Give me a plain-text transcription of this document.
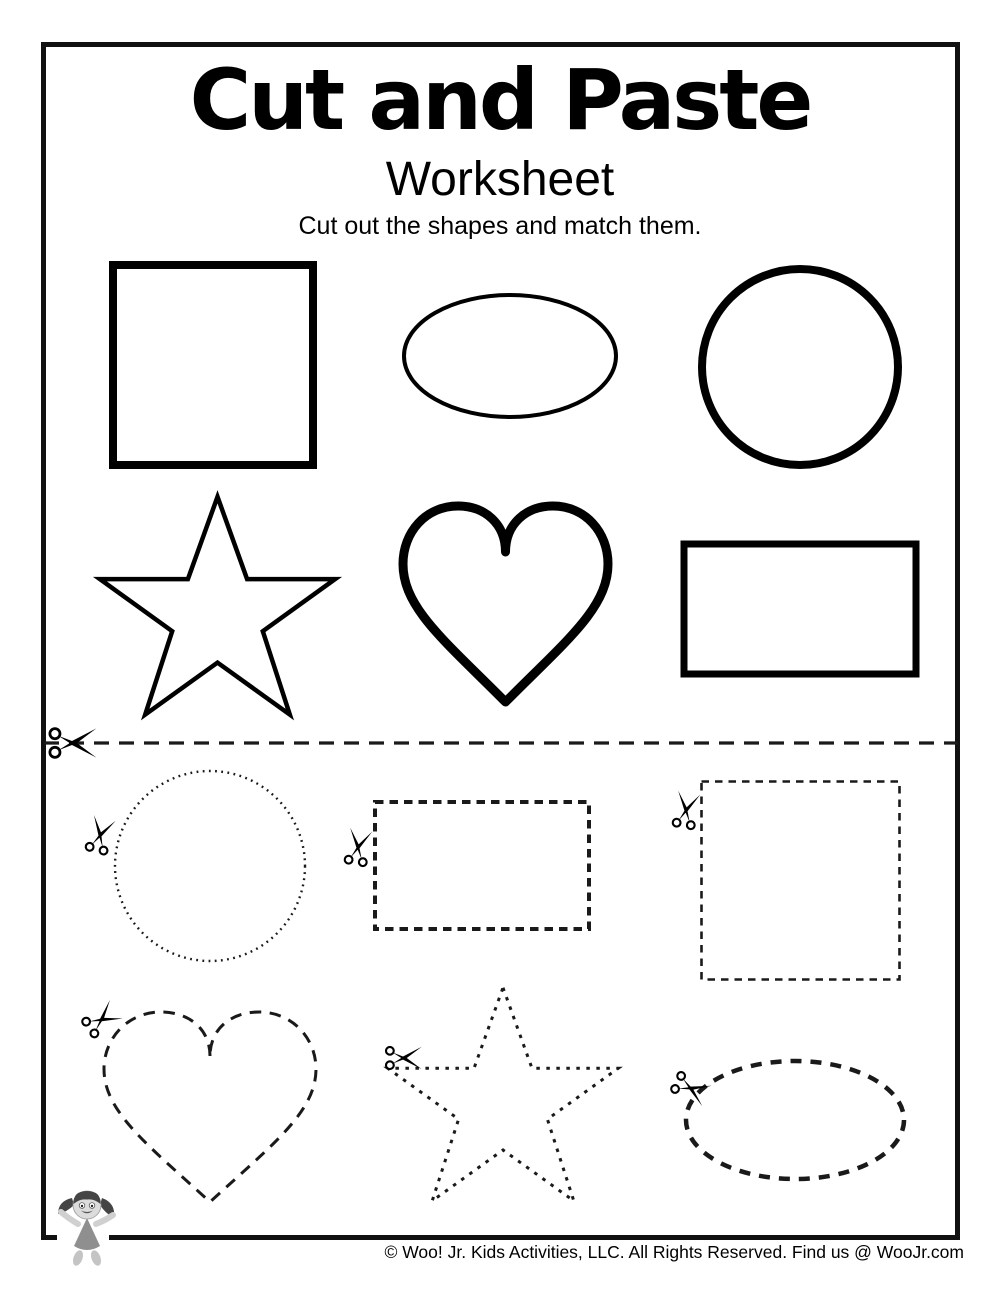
Cut and Paste
Worksheet

Cut out the shapes and match them.

© Woo! Jr. Kids Activities, LLC. All Rights Reserved. Find us @ WooJr.com
